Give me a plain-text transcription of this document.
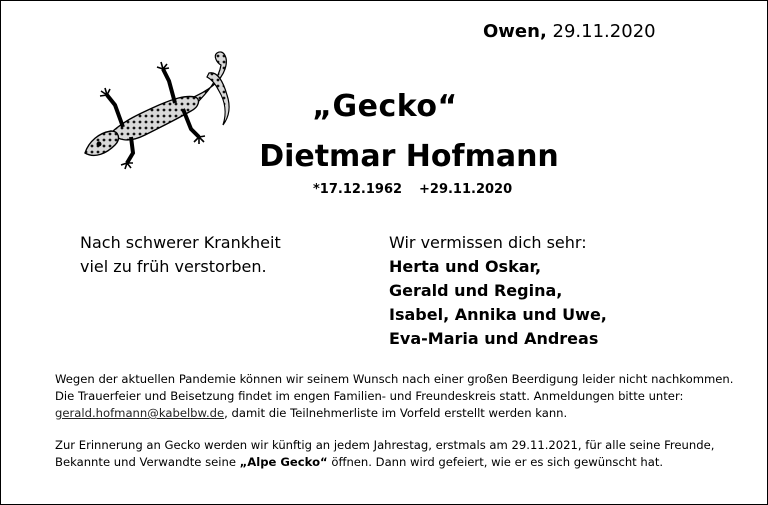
Owen, 29.11.2020
„Gecko“
Dietmar Hofmann
*17.12.1962 +29.11.2020
Nach schwerer Krankheit
viel zu früh verstorben.
Wir vermissen dich sehr:
Herta und Oskar,
Gerald und Regina,
Isabel, Annika und Uwe,
Eva-Maria und Andreas
Wegen der aktuellen Pandemie können wir seinem Wunsch nach einer großen Beerdigung leider nicht nachkommen.
Die Trauerfeier und Beisetzung findet im engen Familien- und Freundeskreis statt. Anmeldungen bitte unter:
gerald.hofmann@kabelbw.de, damit die Teilnehmerliste im Vorfeld erstellt werden kann.
Zur Erinnerung an Gecko werden wir künftig an jedem Jahrestag, erstmals am 29.11.2021, für alle seine Freunde,
Bekannte und Verwandte seine „Alpe Gecko“ öffnen. Dann wird gefeiert, wie er es sich gewünscht hat.
